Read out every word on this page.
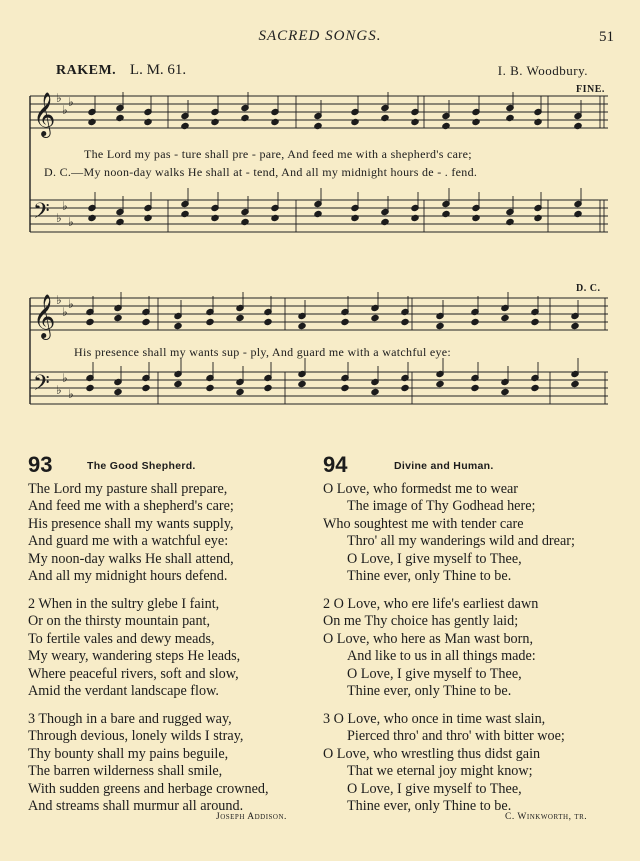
SACRED SONGS.	51
RAKEM. L. M. 61.	I. B. Woodbury.
FINE.
D. C.
𝄞 ♭
♭
♭
𝄢 ♭
♭
♭
𝄞 ♭
♭
♭
𝄢 ♭
♭
♭
The Lord my pas - ture shall pre - pare, And feed me with a shepherd's care;
D. C.—My noon-day walks He shall at - tend, And all my midnight hours de - . fend.
His presence shall my wants sup - ply, And guard me with a watchful eye:
93	The Good Shepherd.
The Lord my pasture shall prepare,
And feed me with a shepherd's care;
His presence shall my wants supply,
And guard me with a watchful eye:
My noon-day walks He shall attend,
And all my midnight hours defend.
2 When in the sultry glebe I faint,
Or on the thirsty mountain pant,
To fertile vales and dewy meads,
My weary, wandering steps He leads,
Where peaceful rivers, soft and slow,
Amid the verdant landscape flow.
3 Though in a bare and rugged way,
Through devious, lonely wilds I stray,
Thy bounty shall my pains beguile,
The barren wilderness shall smile,
With sudden greens and herbage crowned,
And streams shall murmur all around.
Joseph Addison.
94	Divine and Human.
O Love, who formedst me to wear
The image of Thy Godhead here;
Who soughtest me with tender care
Thro' all my wanderings wild and drear;
O Love, I give myself to Thee,
Thine ever, only Thine to be.
2 O Love, who ere life's earliest dawn
On me Thy choice has gently laid;
O Love, who here as Man wast born,
And like to us in all things made:
O Love, I give myself to Thee,
Thine ever, only Thine to be.
3 O Love, who once in time wast slain,
Pierced thro' and thro' with bitter woe;
O Love, who wrestling thus didst gain
That we eternal joy might know;
O Love, I give myself to Thee,
Thine ever, only Thine to be.
C. Winkworth, tr.
